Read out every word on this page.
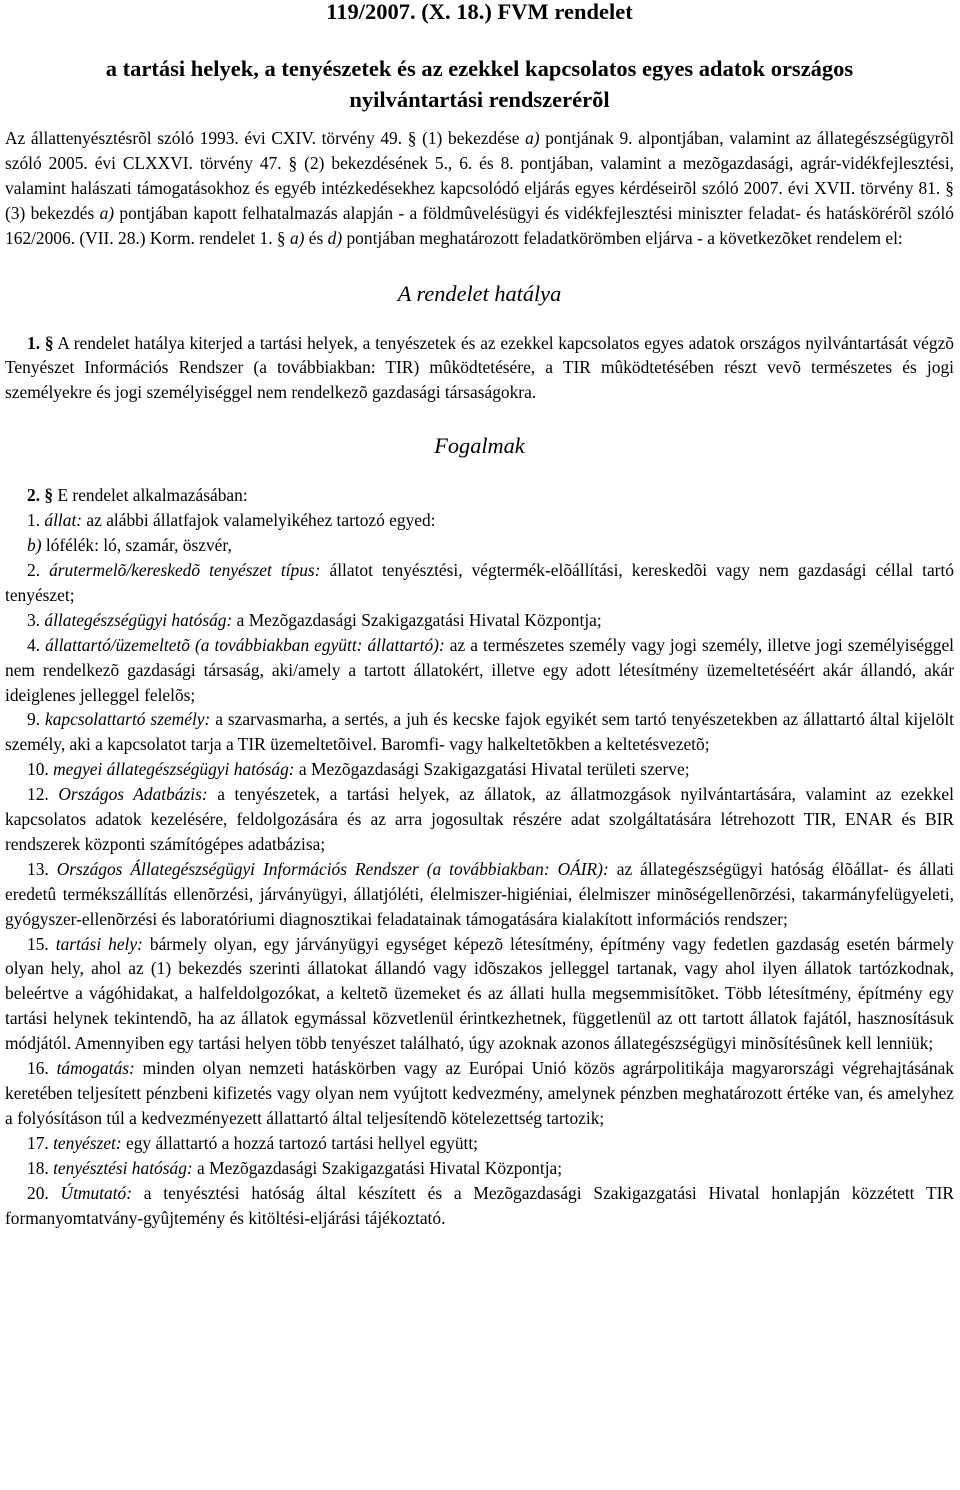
119/2007. (X. 18.) FVM rendelet
a tartási helyek, a tenyészetek és az ezekkel kapcsolatos egyes adatok országos
nyilvántartási rendszerérõl

Az állattenyésztésrõl szóló 1993. évi CXIV. törvény 49. § (1) bekezdése a) pontjának 9. alpontjában, valamint az állategészségügyrõl szóló 2005. évi CLXXVI. törvény 47. § (2) bekezdésének 5., 6. és 8. pontjában, valamint a mezõgazdasági, agrár-vidékfejlesztési, valamint halászati támogatásokhoz és egyéb intézkedésekhez kapcsolódó eljárás egyes kérdéseirõl szóló 2007. évi XVII. törvény 81. § (3) bekezdés a) pontjában kapott felhatalmazás alapján - a földmûvelésügyi és vidékfejlesztési miniszter feladat- és hatáskörérõl szóló 162/2006. (VII. 28.) Korm. rendelet 1. § a) és d) pontjában meghatározott feladatkörömben eljárva - a következõket rendelem el:

A rendelet hatálya

1. § A rendelet hatálya kiterjed a tartási helyek, a tenyészetek és az ezekkel kapcsolatos egyes adatok országos nyilvántartását végzõ Tenyészet Információs Rendszer (a továbbiakban: TIR) mûködtetésére, a TIR mûködtetésében részt vevõ természetes és jogi személyekre és jogi személyiséggel nem rendelkezõ gazdasági társaságokra.

Fogalmak

2. § E rendelet alkalmazásában:

1. állat: az alábbi állatfajok valamelyikéhez tartozó egyed:

b) lófélék: ló, szamár, öszvér,

2. árutermelõ/kereskedõ tenyészet típus: állatot tenyésztési, végtermék-elõállítási, kereskedõi vagy nem gazdasági céllal tartó tenyészet;

3. állategészségügyi hatóság: a Mezõgazdasági Szakigazgatási Hivatal Központja;

4. állattartó/üzemeltetõ (a továbbiakban együtt: állattartó): az a természetes személy vagy jogi személy, illetve jogi személyiséggel nem rendelkezõ gazdasági társaság, aki/amely a tartott állatokért, illetve egy adott létesítmény üzemeltetéséért akár állandó, akár ideiglenes jelleggel felelõs;

9. kapcsolattartó személy: a szarvasmarha, a sertés, a juh és kecske fajok egyikét sem tartó tenyészetekben az állattartó által kijelölt személy, aki a kapcsolatot tarja a TIR üzemeltetõivel. Baromfi- vagy halkeltetõkben a keltetésvezetõ;

10. megyei állategészségügyi hatóság: a Mezõgazdasági Szakigazgatási Hivatal területi szerve;

12. Országos Adatbázis: a tenyészetek, a tartási helyek, az állatok, az állatmozgások nyilvántartására, valamint az ezekkel kapcsolatos adatok kezelésére, feldolgozására és az arra jogosultak részére adat szolgáltatására létrehozott TIR, ENAR és BIR rendszerek központi számítógépes adatbázisa;

13. Országos Állategészségügyi Információs Rendszer (a továbbiakban: OÁIR): az állategészségügyi hatóság élõállat- és állati eredetû termékszállítás ellenõrzési, járványügyi, állatjóléti, élelmiszer-higiéniai, élelmiszer minõségellenõrzési, takarmányfelügyeleti, gyógyszer-ellenõrzési és laboratóriumi diagnosztikai feladatainak támogatására kialakított információs rendszer;

15. tartási hely: bármely olyan, egy járványügyi egységet képezõ létesítmény, építmény vagy fedetlen gazdaság esetén bármely olyan hely, ahol az (1) bekezdés szerinti állatokat állandó vagy idõszakos jelleggel tartanak, vagy ahol ilyen állatok tartózkodnak, beleértve a vágóhidakat, a halfeldolgozókat, a keltetõ üzemeket és az állati hulla megsemmisítõket. Több létesítmény, építmény egy tartási helynek tekintendõ, ha az állatok egymással közvetlenül érintkezhetnek, függetlenül az ott tartott állatok fajától, hasznosításuk módjától. Amennyiben egy tartási helyen több tenyészet található, úgy azoknak azonos állategészségügyi minõsítésûnek kell lenniük;

16. támogatás: minden olyan nemzeti hatáskörben vagy az Európai Unió közös agrárpolitikája magyarországi végrehajtásának keretében teljesített pénzbeni kifizetés vagy olyan nem vyújtott kedvezmény, amelynek pénzben meghatározott értéke van, és amelyhez a folyósításon túl a kedvezményezett állattartó által teljesítendõ kötelezettség tartozik;

17. tenyészet: egy állattartó a hozzá tartozó tartási hellyel együtt;

18. tenyésztési hatóság: a Mezõgazdasági Szakigazgatási Hivatal Központja;

20. Útmutató: a tenyésztési hatóság által készített és a Mezõgazdasági Szakigazgatási Hivatal honlapján közzétett TIR formanyomtatvány-gyûjtemény és kitöltési-eljárási tájékoztató.
